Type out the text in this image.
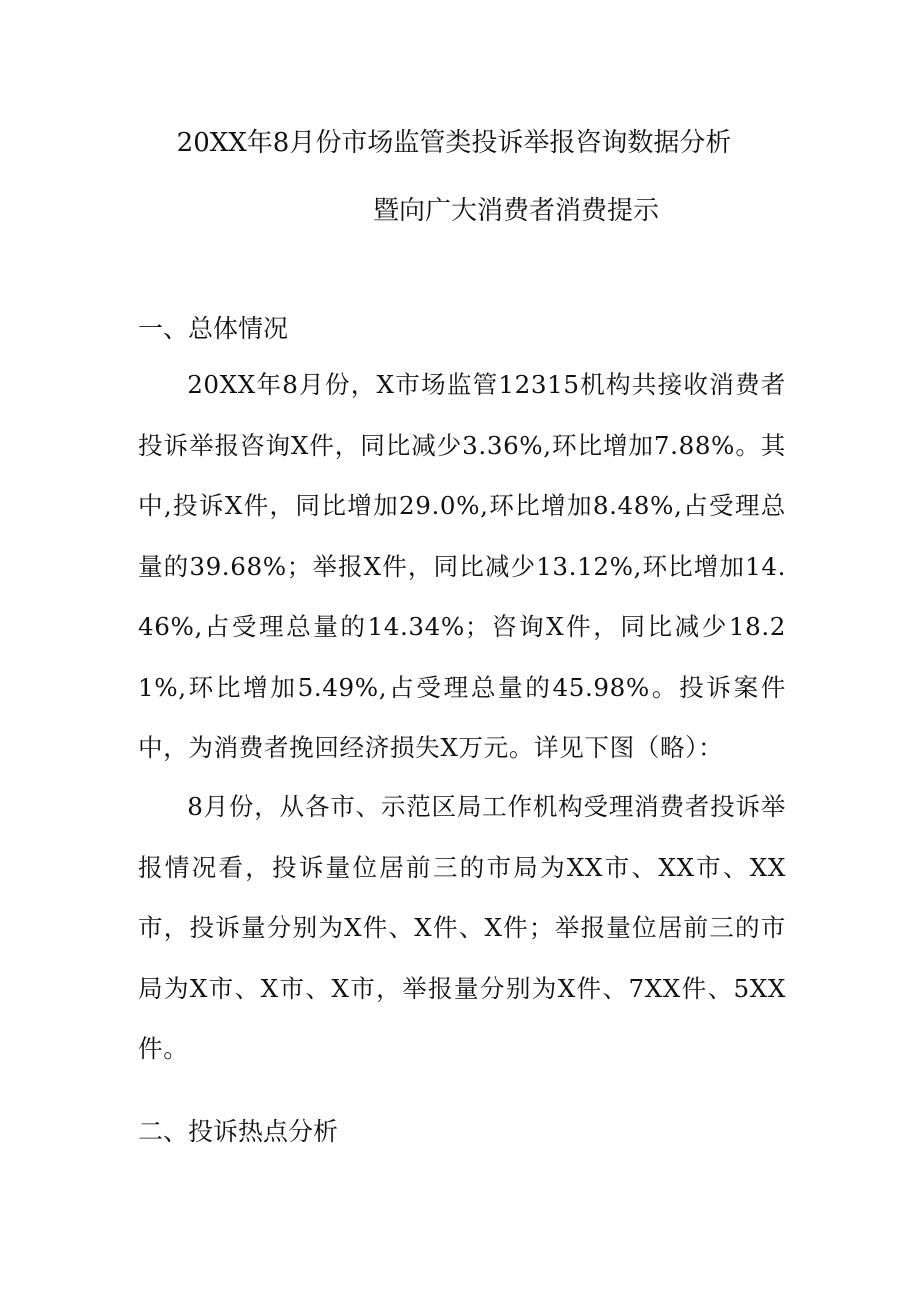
20XX年8月份市场监管类投诉举报咨询数据分析
暨向广大消费者消费提示
一、总体情况
20XX年8月份，X市场监管12315机构共接收消费者投诉举报咨询X件，同比减少3.36%,环比增加7.88%。其中,投诉X件，同比增加29.0%,环比增加8.48%,占受理总量的39.68%；举报X件，同比减少13.12%,环比增加14.46%,占受理总量的14.34%；咨询X件，同比减少18.21%,环比增加5.49%,占受理总量的45.98%。投诉案件中，为消费者挽回经济损失X万元。详见下图（略）：
8月份，从各市、示范区局工作机构受理消费者投诉举报情况看，投诉量位居前三的市局为XX市、XX市、XX市，投诉量分别为X件、X件、X件；举报量位居前三的市局为X市、X市、X市，举报量分别为X件、7XX件、5XX件。
二、投诉热点分析
